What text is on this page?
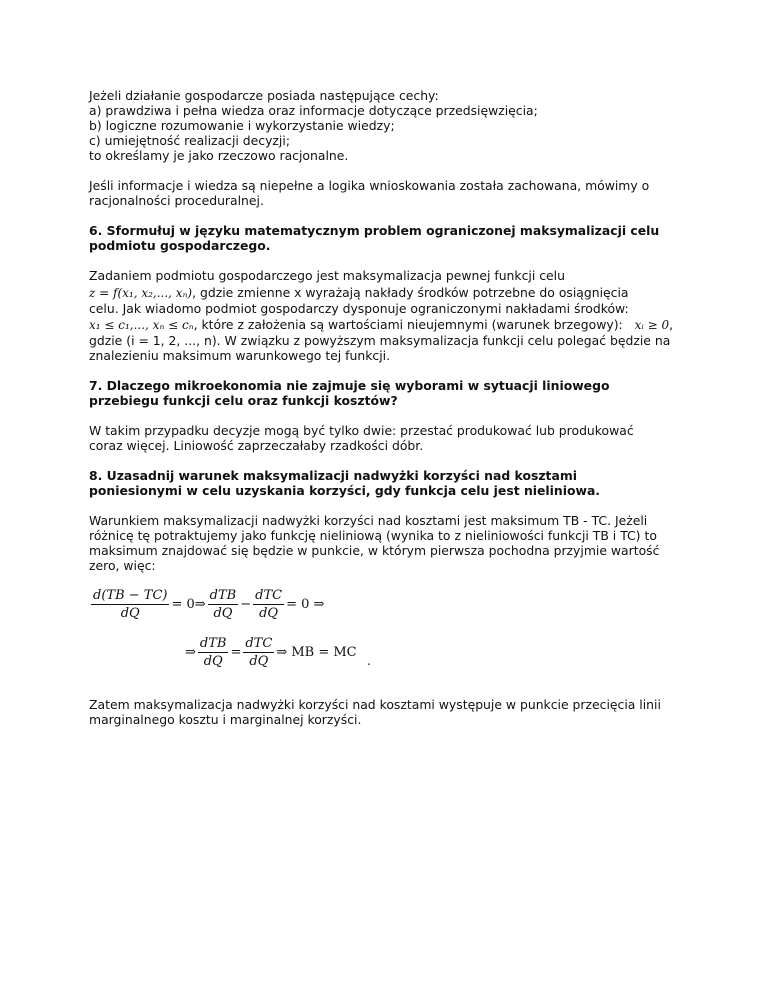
Jeżeli działanie gospodarcze posiada następujące cechy:

a) prawdziwa i pełna wiedza oraz informacje dotyczące przedsięwzięcia;

b) logiczne rozumowanie i wykorzystanie wiedzy;

c) umiejętność realizacji decyzji;

to określamy je jako rzeczowo racjonalne.

Jeśli informacje i wiedza są niepełne a logika wnioskowania została zachowana, mówimy o

racjonalności proceduralnej.

6. Sformułuj w języku matematycznym problem ograniczonej maksymalizacji celu

podmiotu gospodarczego.

Zadaniem podmiotu gospodarczego jest maksymalizacja pewnej funkcji celu

z = f(x₁, x₂,..., xₙ), gdzie zmienne x wyrażają nakłady środków potrzebne do osiągnięcia

celu. Jak wiadomo podmiot gospodarczy dysponuje ograniczonymi nakładami środków:

x₁ ≤ c₁,..., xₙ ≤ cₙ, które z założenia są wartościami nieujemnymi (warunek brzegowy): xᵢ ≥ 0,

gdzie (i = 1, 2, ..., n). W związku z powyższym maksymalizacja funkcji celu polegać będzie na

znalezieniu maksimum warunkowego tej funkcji.

7. Dlaczego mikroekonomia nie zajmuje się wyborami w sytuacji liniowego

przebiegu funkcji celu oraz funkcji kosztów?

W takim przypadku decyzje mogą być tylko dwie: przestać produkować lub produkować

coraz więcej. Liniowość zaprzeczałaby rzadkości dóbr.

8. Uzasadnij warunek maksymalizacji nadwyżki korzyści nad kosztami

poniesionymi w celu uzyskania korzyści, gdy funkcja celu jest nieliniowa.

Warunkiem maksymalizacji nadwyżki korzyści nad kosztami jest maksimum TB - TC. Jeżeli

różnicę tę potraktujemy jako funkcję nieliniową (wynika to z nieliniowości funkcji TB i TC) to

maksimum znajdować się będzie w punkcie, w którym pierwsza pochodna przyjmie wartość

zero, więc:

$\frac{d(TB - TC)}{dQ}$ = 0⇒ $\frac{\text{dTB}}{dQ} - \frac{\text{dTC}}{dQ} = 0$ ⇒
⇒ $\frac{\text{dTB}}{dQ} = \frac{\text{dTC}}{dQ}$ ⇒ MB = MC
.

Zatem maksymalizacja nadwyżki korzyści nad kosztami występuje w punkcie przecięcia linii

marginalnego kosztu i marginalnej korzyści.
